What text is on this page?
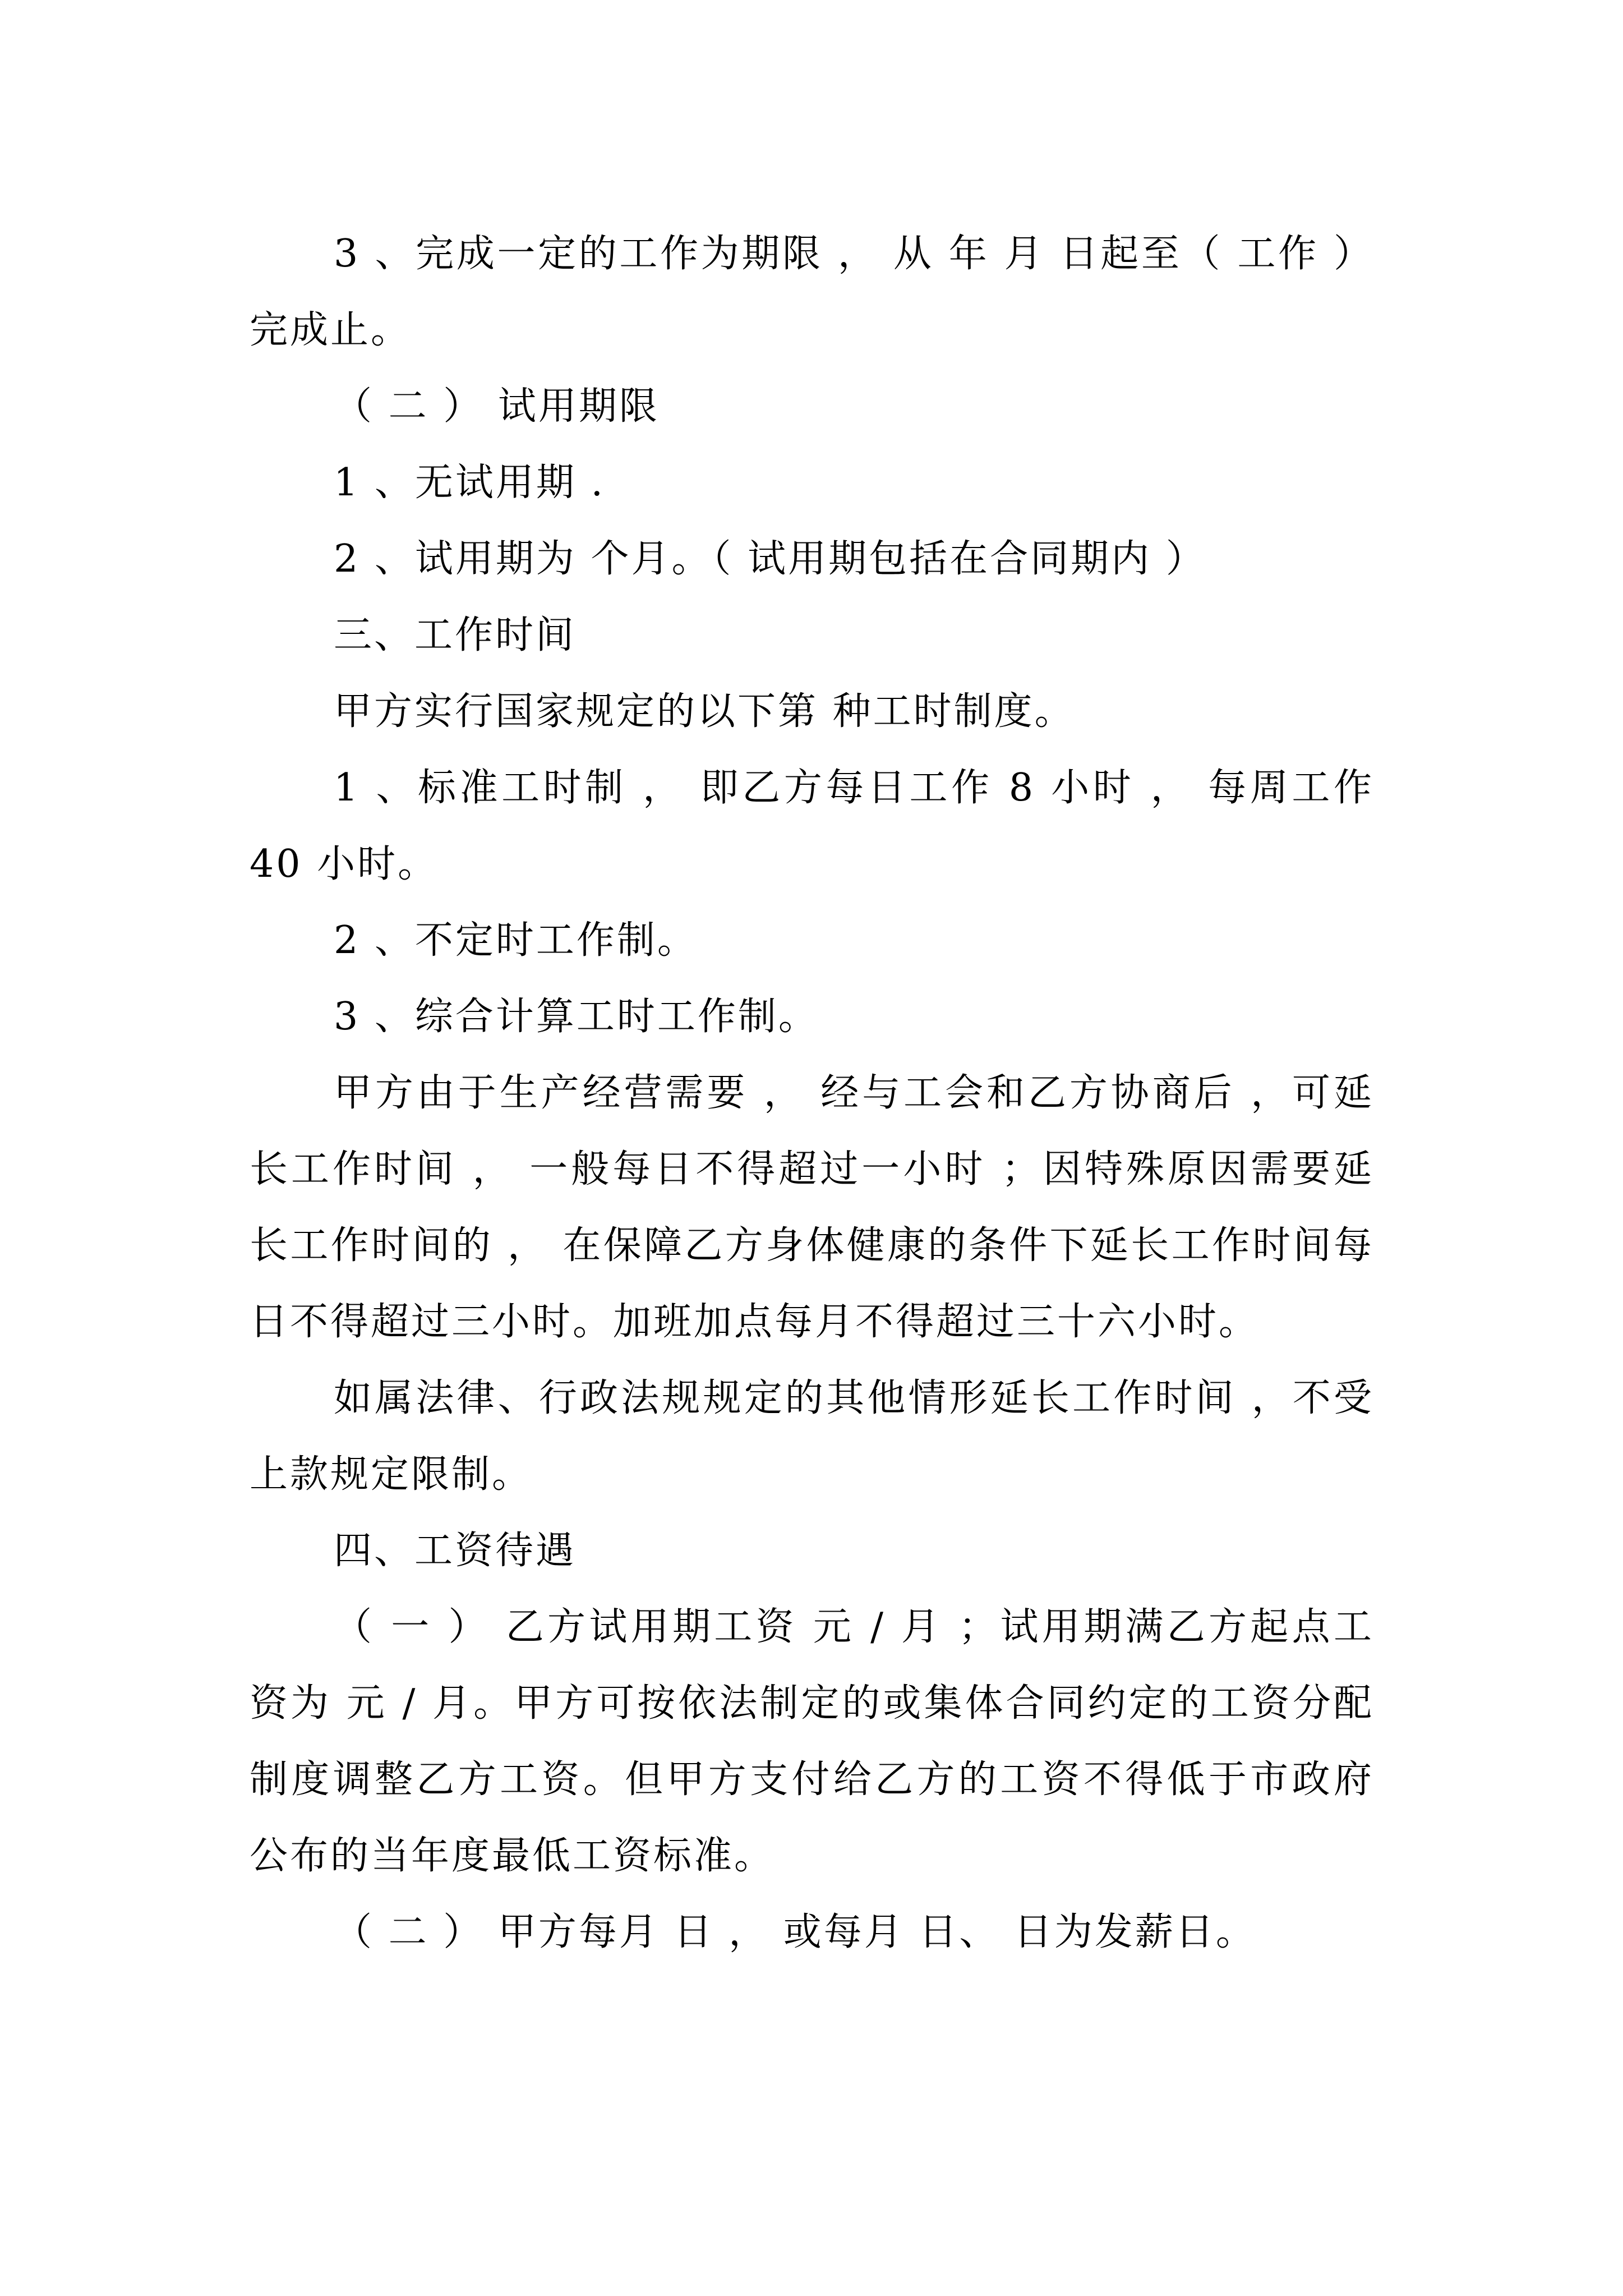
3 、完成一定的工作为期限 ， 从 年 月 日起至（ 工作 ）完成止。

（ 二 ） 试用期限

1 、无试用期 .

2 、试用期为 个月。（ 试用期包括在合同期内 ）

三、工作时间

甲方实行国家规定的以下第 种工时制度。

1 、标准工时制 ， 即乙方每日工作 8 小时 ， 每周工作 40 小时。

2 、不定时工作制。

3 、综合计算工时工作制。

甲方由于生产经营需要 ， 经与工会和乙方协商后 ，可延长工作时间 ， 一般每日不得超过一小时 ；因特殊原因需要延长工作时间的 ， 在保障乙方身体健康的条件下延长工作时间每日不得超过三小时。加班加点每月不得超过三十六小时。

如属法律、行政法规规定的其他情形延长工作时间 ，不受上款规定限制。

四、工资待遇

（ 一 ） 乙方试用期工资 元 / 月 ；试用期满乙方起点工资为 元 / 月。甲方可按依法制定的或集体合同约定的工资分配制度调整乙方工资。但甲方支付给乙方的工资不得低于市政府公布的当年度最低工资标准。

（ 二 ） 甲方每月 日 ， 或每月 日、 日为发薪日。
